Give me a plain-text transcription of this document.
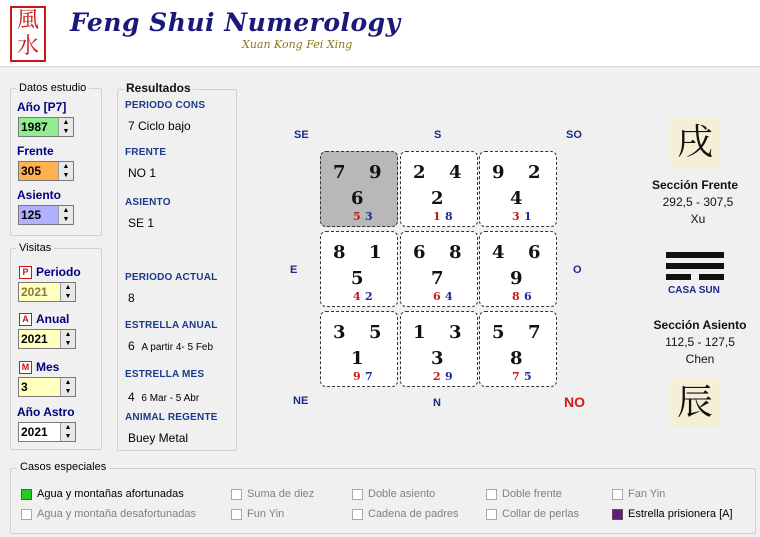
風
水
Feng Shui Numerology
Xuan Kong Fei Xing
Datos estudio
Año [P7]
1987	▲
▼
Frente
305	▲
▼
Asiento
125	▲
▼
Visitas
P Periodo
2021	▲
▼
A Anual
2021	▲
▼
M Mes
3	▲
▼
Año Astro
2021	▲
▼
Resultados
PERIODO CONS
7 Ciclo bajo
FRENTE
NO 1
ASIENTO
SE 1
PERIODO ACTUAL
8
ESTRELLA ANUAL
6 A partir 4- 5 Feb
ESTRELLA MES
4 6 Mar - 5 Abr
ANIMAL REGENTE
Buey Metal
SE	S	SO
E	O
NE	N	NO
7 9
6
5 3
2 4
2
1 8
9 2
4
3 1
8 1
5
4 2
6 8
7
6 4
4 6
9
8 6
3 5
1
9 7
1 3
3
2 9
5 7
8
7 5
戌
Sección Frente
292,5 - 307,5
Xu
CASA SUN
Sección Asiento
112,5 - 127,5
Chen
辰
Casos especiales
Agua y montañas afortunadas	Suma de diez	Doble asiento	Doble frente	Fan Yin
Agua y montaña desafortunadas	Fun Yin	Cadena de padres	Collar de perlas	Estrella prisionera [A]
